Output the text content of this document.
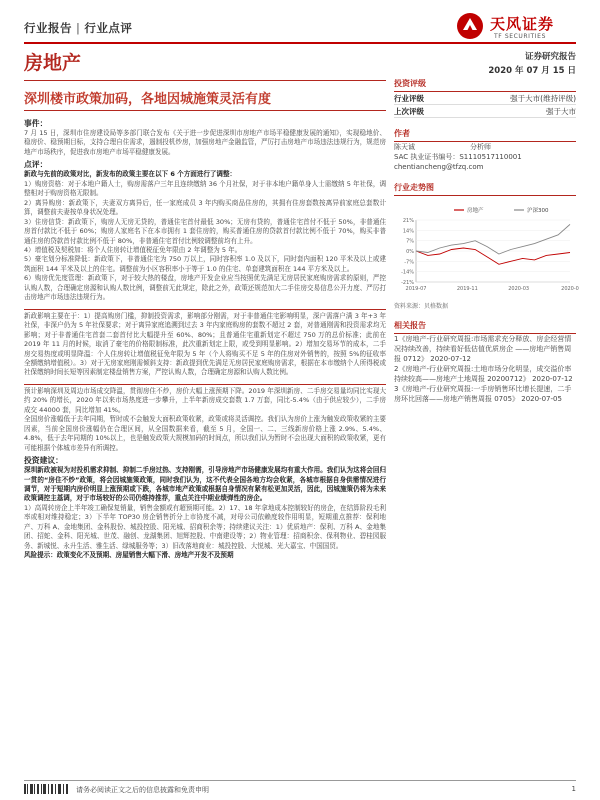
行业报告 | 行业点评	天风证券
TF SECURITIES
房地产	证券研究报告
2020 年 07 月 15 日
深圳楼市政策加码，各地因城施策灵活有度
事件：
7 月 15 日，深圳市住房建设局等多部门联合发布《关于进一步促进深圳市房地产市场平稳健康发展的通知》，实现稳地价、稳房价、稳预期目标，支持合理自住需求，遏制投机炒房，加强房地产金融监管，严厉打击房地产市场违法违规行为，规范房地产市场秩序，促进我市房地产市场平稳健康发展。
点评：
新政与先前的政策对比，新发布的政策主要在以下 6 个方面进行了调整：
1）购房资格：对于本地户籍人士，购房需落户三年且连续缴纳 36 个月社保，对于非本地户籍单身人士需缴纳 5 年社保，调整相对于购房资格无限制。
2）离异购房：新政策下，夫妻双方离异后，任一家庭成员 3 年内购买商品住房的，其拥有住房套数按离异前家庭总套数计算，调整前夫妻按单身状况处理。
3）住房信贷：新政策下，购房人无房无贷的，普通住宅首付最低 30%；无房有贷的，普通住宅首付不低于 50%，非普通住房首付款比不低于 60%；购房人家庭名下在本市拥有 1 套住房的，购买普通住房的贷款首付款比例不低于 70%，购买非普通住房的贷款首付款比例不低于 80%，非普通住宅首付比例较调整前均有上升。
4）增值税及契税加：将个人住房转让增值税征免年限由 2 年调整为 5 年。
5）豪宅划分标准降低：新政策下，非普通住宅为 750 万以上，同时容积率 1.0 及以下，同时套内面积 120 平米及以上或建筑面积 144 平米及以上的住宅。调整前为小区容积率小于等于 1.0 的住宅、单套建筑面积在 144 平方米及以上。
6）购房优先度管理：新政策下，对于较大热的楼盘，房地产开发企业应当按照优先满足无房居民家庭购房需求的原则，严控认购人数，合理确定房源和认购人数比例，调整前无此规定，除此之外，政策还规范加大二手住房交易信息公开力度、严厉打击房地产市场违法违规行为。
新政影响主要在于：1）提高购房门槛，抑制投资需求，影响部分刚需，对于非普通住宅影响明显，深户需落户满 3 年+3 年社保，非深户仍为 5 年社保要求；对于离异家庭追溯到过去 3 年内家庭购房的套数不超过 2 套，对普通刚需和投资需求均无影响；对于非普通住宅首套二套首付比大幅提升至 60%、80%；且普通住宅重新划定不超过 750 万的总价标准；此前在 2019 年 11 月的时候，取消了豪宅的价格限制标准，此次重新划定上限，或受到明显影响。2）增加交易环节的成本，二手房交易热度或明显降温：个人住房转让增值税征免年限为 5 年（个人将购买不足 5 年的住房对外销售的，按照 5%的征收率全额缴纳增值税）。3）对于无房家庭刚需倾斜支持：新政提到优先满足无房居民家庭购房需求，根据在本市缴纳个人所得税或社保缴纳时间长短等因素制定楼盘销售方案，严控认购人数，合理确定房源和认购人数比例。
预计影响深圳及周边市场成交降温，贯彻房住不炒，房价大幅上涨预期下降。2019 年深圳新房、二手房交易量均同比实现大约 20% 的增长，2020 年以来市场热度进一步攀升，上半年新房成交套数 1.7 万套，同比-5.4%（由于供应较少），二手房成交 44000 套，同比增加 41%。
全国房价涨幅低于去年同期，暂时或不会触发大面积政策收紧，政策或将灵活调控。我们认为房价上涨为触发政策收紧的主要因素，当前全国房价涨幅仍在合理区间，从全国数据来看，截至 5 月，全国一、二、三线新房价格上涨 2.9%、5.4%、4.8%，低于去年同期的 10%以上，也是触发政策大规模加码的时间点，所以我们认为暂时不会出现大面积的政策收紧，更有可能根据个体城市差异有所调控。
投资建议：
深圳新政被视为对投机需求抑制、抑制二手房过热、支持刚需，引导房地产市场健康发展均有重大作用。我们认为这将会回归一贯的“房住不炒”政策，将会因城施策政策，同时我们认为，这不代表全国各地方均会收紧，各城市根据自身供需情况进行调节，对于短期内房价明显上涨预期或下跌，各城市地产政策或根据自身情况有紧有松更加灵活，因此，因城施策仍将为未来政策调控主基调，对于市场较好的公司仍维持推荐，重点关注中期业绩弹性的房企。
1）高周转房企上半年竣工确保复销量，销售金额或有超预期可能。2）17、18 年拿地成本控制较好的房企，在结算阶段毛利率或相对维持稳定；3）下半年 TOP30 房企销售折分上市协度不减，对母公司依赖度较作用明显，短期重点推荐：保利地产、万科 A、金地集团、金科股份、城投控股、阳光城、招商积余等；持续建议关注：1）优质地产：保利、万科 A、金地集团、招蛇、金科、阳光城、世茂、融创、龙湖集团、旭辉控股、中南建设等；2）物业管理：招商积余、保利物业、碧桂园服务、新城悦、永升生活、雅生活、绿城服务等；3）旧改落地商业：城投控股、大悦城、光大嘉宝、中国国贸。
风险提示：政策变化不及预期、房屋销售大幅下滑、房地产开发不及预期
投资评级
行业评级	强于大市(维持评级)
上次评级	强于大市
作者
陈天诚	分析师
SAC 执业证书编号：S1110517110001
chentiancheng@tfzq.com
行业走势图
21%
14%
7%
0%
-7%
-14%
-21%
2019-07	2019-11	2020-03	2020-0
房地产	沪深300
资料来源：贝格数据
相关报告
1《房地产-行业研究周报:市场需求充分释放、房企经营情况持续改善，持续看好低估值优质房企 ——房地产销售周报 0712》 2020-07-12
2《房地产-行业研究周报:土地市场分化明显，成交溢价率持续较高——房地产土地周报 20200712》 2020-07-12
3《房地产-行业研究周报:一手房销售环比增长提速，二手房环比回落——房地产销售周报 0705》 2020-07-05
请务必阅读正文之后的信息披露和免责申明	1
